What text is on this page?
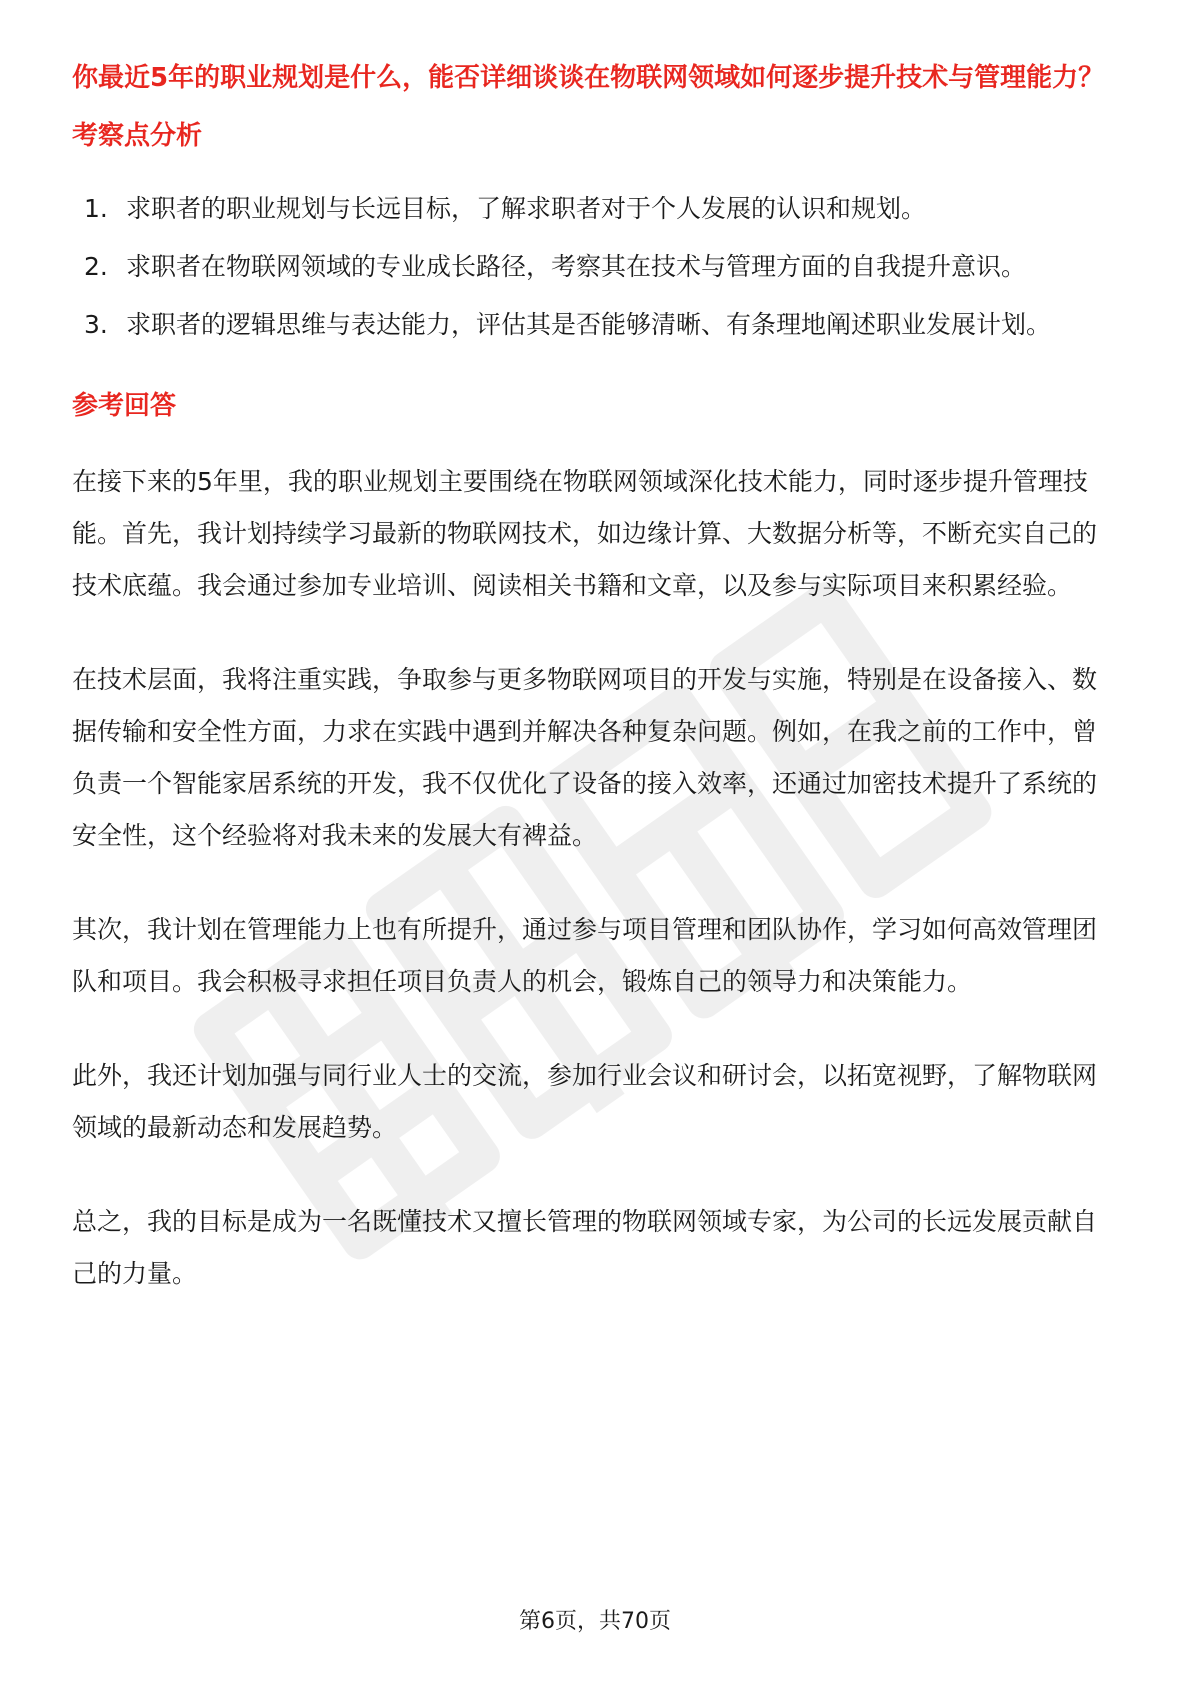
你最近5年的职业规划是什么，能否详细谈谈在物联网领域如何逐步提升技术与管理能力？

考察点分析
1. 求职者的职业规划与长远目标，了解求职者对于个人发展的认识和规划。
2. 求职者在物联网领域的专业成长路径，考察其在技术与管理方面的自我提升意识。
3. 求职者的逻辑思维与表达能力，评估其是否能够清晰、有条理地阐述职业发展计划。
参考回答

在接下来的5年里，我的职业规划主要围绕在物联网领域深化技术能力，同时逐步提升管理技能。首先，我计划持续学习最新的物联网技术，如边缘计算、大数据分析等，不断充实自己的技术底蕴。我会通过参加专业培训、阅读相关书籍和文章，以及参与实际项目来积累经验。

在技术层面，我将注重实践，争取参与更多物联网项目的开发与实施，特别是在设备接入、数据传输和安全性方面，力求在实践中遇到并解决各种复杂问题。例如，在我之前的工作中，曾负责一个智能家居系统的开发，我不仅优化了设备的接入效率，还通过加密技术提升了系统的安全性，这个经验将对我未来的发展大有裨益。

其次，我计划在管理能力上也有所提升，通过参与项目管理和团队协作，学习如何高效管理团队和项目。我会积极寻求担任项目负责人的机会，锻炼自己的领导力和决策能力。

此外，我还计划加强与同行业人士的交流，参加行业会议和研讨会，以拓宽视野，了解物联网领域的最新动态和发展趋势。

总之，我的目标是成为一名既懂技术又擅长管理的物联网领域专家，为公司的长远发展贡献自己的力量。

第6页，共70页
